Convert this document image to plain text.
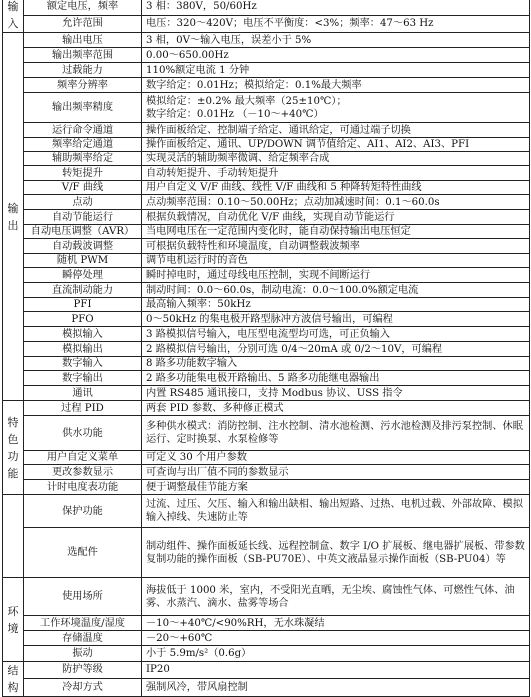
输
入	额定电压，频率	3 相：380V，50/60Hz

	允许范围	电压：320～420V；电压不平衡度：<3%；频率：47～63 Hz

输
出	输出电压	3 相，0V～输入电压，误差小于 5%

	输出频率范围	0.00～650.00Hz

	过载能力	110%额定电流 1 分钟

	频率分辨率	数字给定：0.01Hz；模拟给定：0.1%最大频率

	输出频率精度	模拟给定：±0.2% 最大频率（25±10℃）；
数字给定：0.01Hz （－10～+40℃）

	运行命令通道	操作面板给定、控制端子给定、通讯给定，可通过端子切换

	频率给定通道	操作面板给定、通讯、UP/DOWN 调节值给定、AI1、AI2、AI3、PFI

	辅助频率给定	实现灵活的辅助频率微调、给定频率合成

	转矩提升	自动转矩提升、手动转矩提升

	V/F 曲线	用户自定义 V/F 曲线、线性 V/F 曲线和 5 种降转矩特性曲线

	点动	点动频率范围：0.10～50.00Hz；点动加减速时间：0.1～60.0s

	自动节能运行	根据负载情况，自动优化 V/F 曲线，实现自动节能运行

	自动电压调整（AVR）	当电网电压在一定范围内变化时，能自动保持输出电压恒定

	自动载波调整	可根据负载特性和环境温度，自动调整载波频率

	随机 PWM	调节电机运行时的音色

	瞬停处理	瞬时掉电时，通过母线电压控制，实现不间断运行

	直流制动能力	制动时间：0.0～60.0s，制动电流：0.0～100.0%额定电流

	PFI	最高输入频率：50kHz

	PFO	0～50kHz 的集电极开路型脉冲方波信号输出，可编程

	模拟输入	3 路模拟信号输入，电压型电流型均可选，可正负输入

	模拟输出	2 路模拟信号输出，分别可选 0/4～20mA 或 0/2～10V，可编程

	数字输入	8 路多功能数字输入

	数字输出	2 路多功能集电极开路输出、5 路多功能继电器输出

	通讯	内置 RS485 通讯接口，支持 Modbus 协议、USS 指令

特
色
功
能	过程 PID	两套 PID 参数、多种修正模式

	供水功能	多种供水模式：消防控制、注水控制、清水池检测、污水池检测及排污泵控制、休眠运行、定时换泵、水泵检修等

	用户自定义菜单	可定义 30 个用户参数

	更改参数显示	可查询与出厂值不同的参数显示

	计时电度表功能	便于调整最佳节能方案

	保护功能	过流、过压、欠压、输入和输出缺相、输出短路、过热、电机过载、外部故障、模拟输入掉线、失速防止等

	选配件	制动组件、操作面板延长线、远程控制盒、数字 I/O 扩展板、继电器扩展板、带参数复制功能的操作面板（SB-PU70E）、中英文液晶显示操作面板（SB-PU04）等

环
境	使用场所	海拔低于 1000 米，室内，不受阳光直晒，无尘埃、腐蚀性气体、可燃性气体、油雾、水蒸汽、滴水、盐雾等场合

	工作环境温度/湿度	－10～+40℃/<90%RH，无水珠凝结

	存储温度	－20～+60℃

	振动	小于 5.9m/s²（0.6g）

结
构	防护等级	IP20

	冷却方式	强制风冷，带风扇控制
